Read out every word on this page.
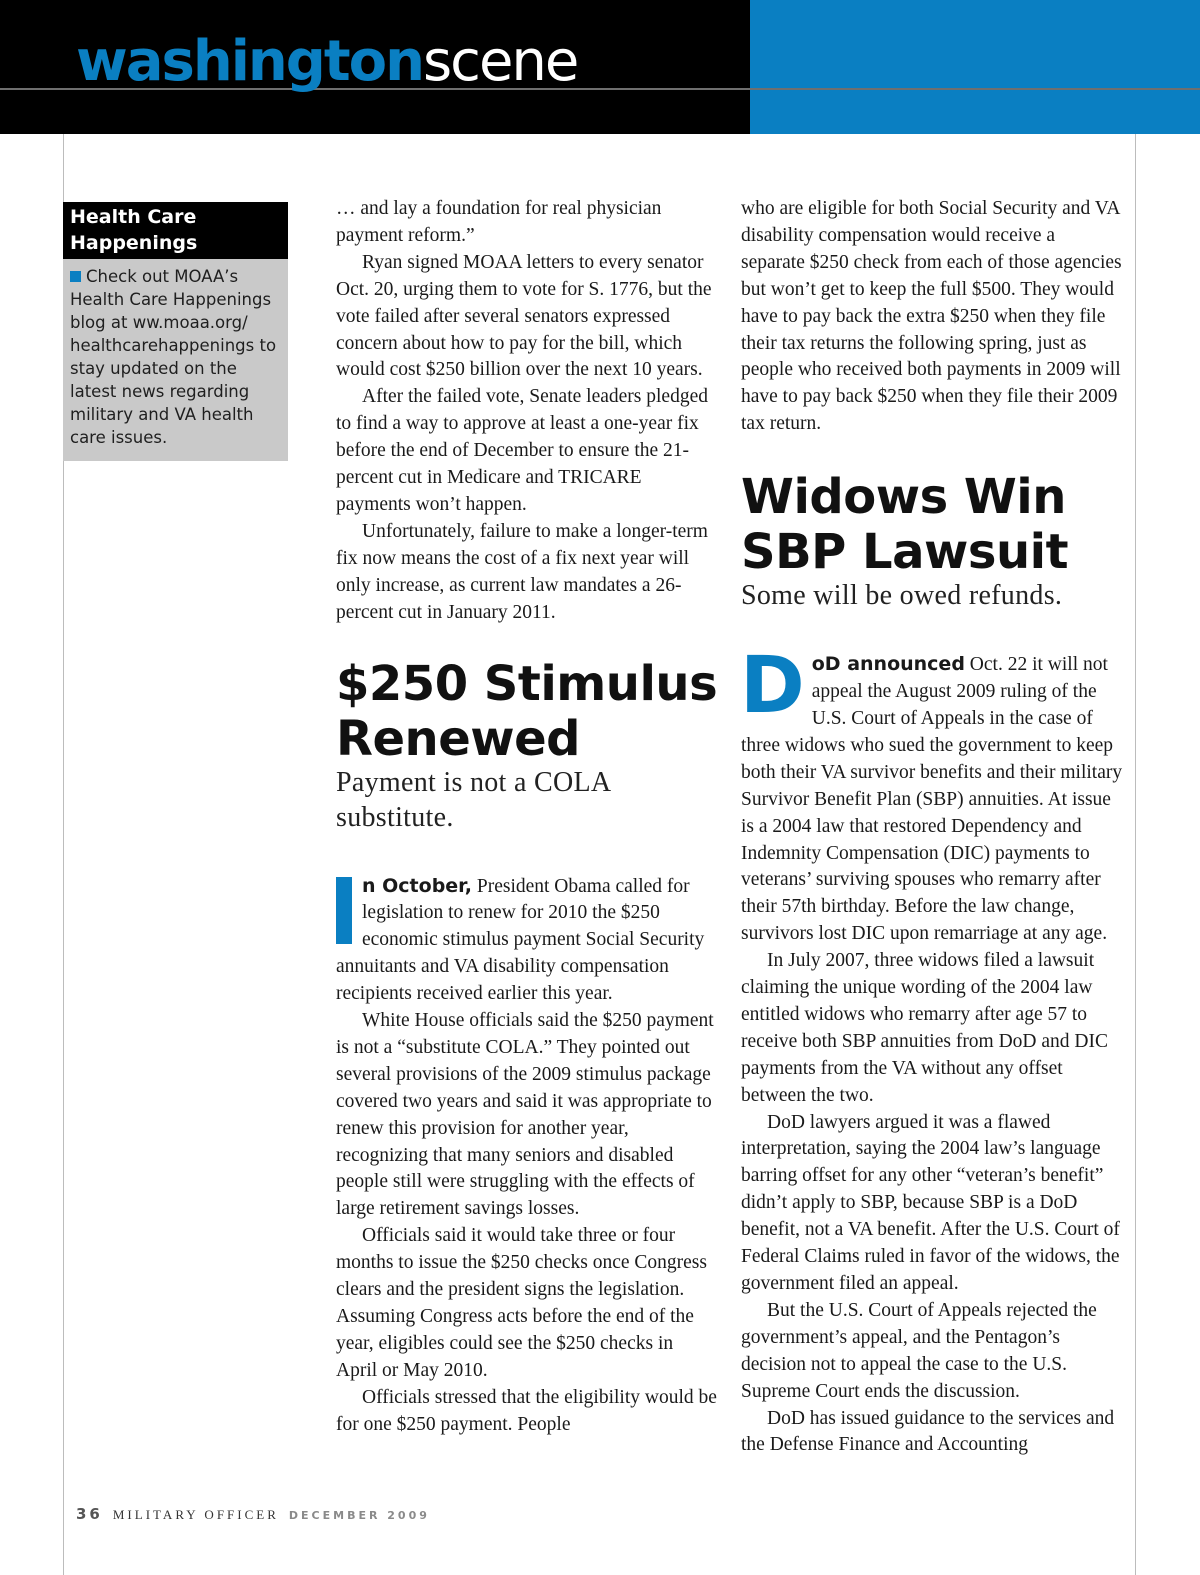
washingtonscene
Health Care
Happenings
Check out MOAA’s Health Care Happenings blog at ww.moaa.org/ healthcarehappenings to stay updated on the latest news regarding military and VA health care issues.

… and lay a foundation for real physician payment reform.”

Ryan signed MOAA letters to every senator Oct. 20, urging them to vote for S. 1776, but the vote failed after several senators expressed concern about how to pay for the bill, which would cost $250 billion over the next 10 years.

After the failed vote, Senate leaders pledged to find a way to approve at least a one-year fix before the end of December to ensure the 21-percent cut in Medicare and TRICARE payments won’t happen.

Unfortunately, failure to make a longer-term fix now means the cost of a fix next year will only increase, as current law mandates a 26-percent cut in January 2011.

$250 Stimulus
Renewed
Payment is not a COLA substitute.

n October, President Obama called for legislation to renew for 2010 the $250 economic stimulus payment Social Security annuitants and VA disability compensation recipients received earlier this year.

White House officials said the $250 payment is not a “substitute COLA.” They pointed out several provisions of the 2009 stimulus package covered two years and said it was appropriate to renew this provision for another year, recognizing that many seniors and disabled people still were struggling with the effects of large retirement savings losses.

Officials said it would take three or four months to issue the $250 checks once Congress clears and the president signs the legislation. Assuming Congress acts before the end of the year, eligibles could see the $250 checks in April or May 2010.

Officials stressed that the eligibility would be for one $250 payment. People

who are eligible for both Social Security and VA disability compensation would receive a separate $250 check from each of those agencies but won’t get to keep the full $500. They would have to pay back the extra $250 when they file their tax returns the following spring, just as people who received both payments in 2009 will have to pay back $250 when they file their 2009 tax return.

Widows Win
SBP Lawsuit
Some will be owed refunds.

DoD announced Oct. 22 it will not appeal the August 2009 ruling of the U.S. Court of Appeals in the case of three widows who sued the government to keep both their VA survivor benefits and their military Survivor Benefit Plan (SBP) annuities. At issue is a 2004 law that restored Dependency and Indemnity Compensation (DIC) payments to veterans’ surviving spouses who remarry after their 57th birthday. Before the law change, survivors lost DIC upon remarriage at any age.

In July 2007, three widows filed a lawsuit claiming the unique wording of the 2004 law entitled widows who remarry after age 57 to receive both SBP annuities from DoD and DIC payments from the VA without any offset between the two.

DoD lawyers argued it was a flawed interpretation, saying the 2004 law’s language barring offset for any other “veteran’s benefit” didn’t apply to SBP, because SBP is a DoD benefit, not a VA benefit. After the U.S. Court of Federal Claims ruled in favor of the widows, the government filed an appeal.

But the U.S. Court of Appeals rejected the government’s appeal, and the Pentagon’s decision not to appeal the case to the U.S. Supreme Court ends the discussion.

DoD has issued guidance to the services and the Defense Finance and Accounting

36 MILITARY OFFICER DECEMBER 2009
